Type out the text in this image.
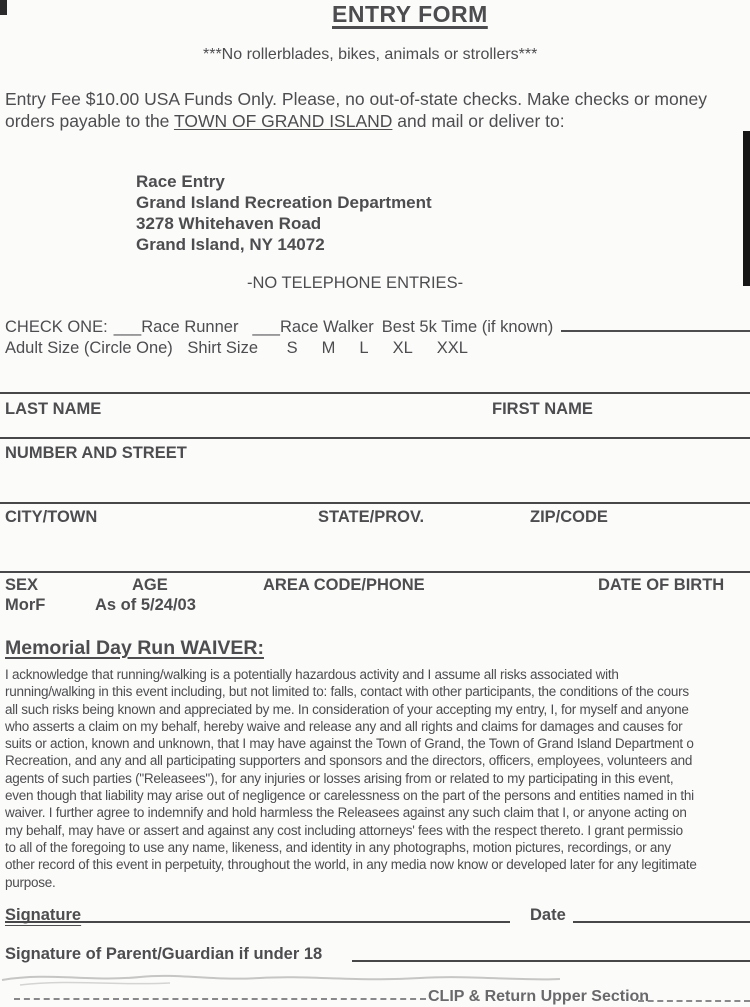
ENTRY FORM
***No rollerblades, bikes, animals or strollers***
Entry Fee $10.00 USA Funds Only. Please, no out-of-state checks. Make checks or money
orders payable to the TOWN OF GRAND ISLAND and mail or deliver to:
Race Entry
Grand Island Recreation Department
3278 Whitehaven Road
Grand Island, NY 14072
-NO TELEPHONE ENTRIES-
CHECK ONE: ___Race Runner ___Race Walker Best 5k Time (if known)
Adult Size (Circle One) Shirt Size S M L XL XXL
LAST NAME	FIRST NAME
NUMBER AND STREET
CITY/TOWN	STATE/PROV.	ZIP/CODE
SEX	AGE	AREA CODE/PHONE	DATE OF BIRTH
MorF	As of 5/24/03
Memorial Day Run WAIVER:
I acknowledge that running/walking is a potentially hazardous activity and I assume all risks associated with
running/walking in this event including, but not limited to: falls, contact with other participants, the conditions of the cours
all such risks being known and appreciated by me. In consideration of your accepting my entry, I, for myself and anyone
who asserts a claim on my behalf, hereby waive and release any and all rights and claims for damages and causes for
suits or action, known and unknown, that I may have against the Town of Grand, the Town of Grand Island Department o
Recreation, and any and all participating supporters and sponsors and the directors, officers, employees, volunteers and
agents of such parties ("Releasees"), for any injuries or losses arising from or related to my participating in this event,
even though that liability may arise out of negligence or carelessness on the part of the persons and entities named in thi
waiver. I further agree to indemnify and hold harmless the Releasees against any such claim that I, or anyone acting on
my behalf, may have or assert and against any cost including attorneys' fees with the respect thereto. I grant permissio
to all of the foregoing to use any name, likeness, and identity in any photographs, motion pictures, recordings, or any
other record of this event in perpetuity, throughout the world, in any media now know or developed later for any legitimate
purpose.
Signature	Date
Signature of Parent/Guardian if under 18
CLIP & Return Upper Section
